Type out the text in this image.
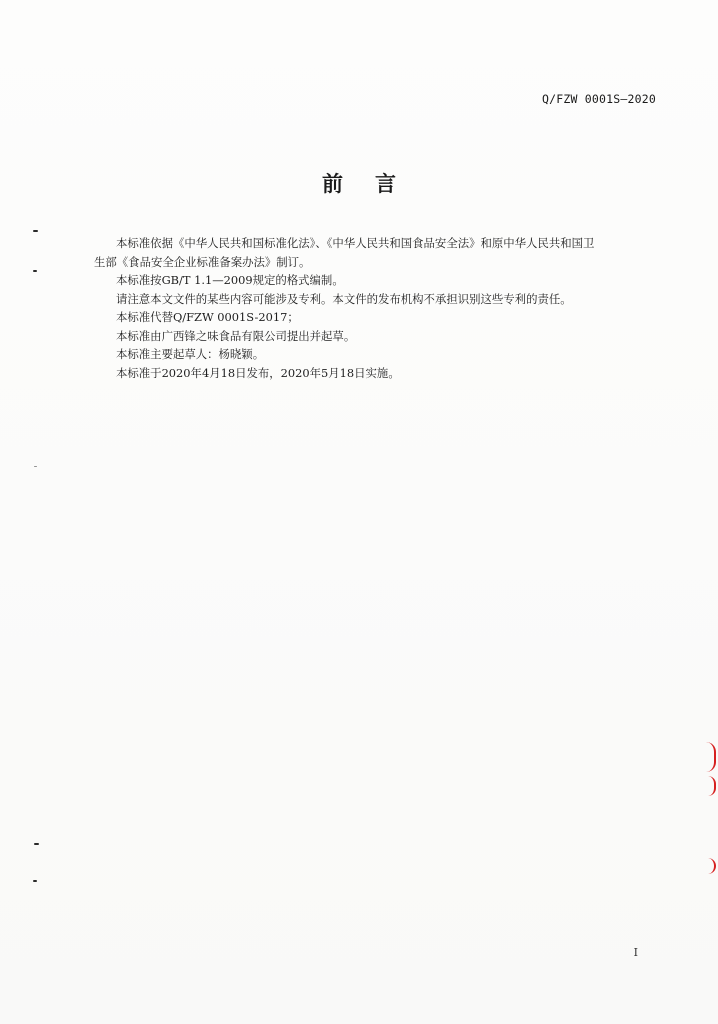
Q/FZW 0001S—2020
前言

本标准依据《中华人民共和国标准化法》、《中华人民共和国食品安全法》和原中华人民共和国卫

生部《食品安全企业标准备案办法》制订。

本标准按GB/T 1.1—2009规定的格式编制。

请注意本文文件的某些内容可能涉及专利。本文件的发布机构不承担识别这些专利的责任。

本标准代替Q/FZW 0001S-2017；

本标准由广西锋之味食品有限公司提出并起草。

本标准主要起草人：杨晓颖。

本标准于2020年4月18日发布，2020年5月18日实施。

I
